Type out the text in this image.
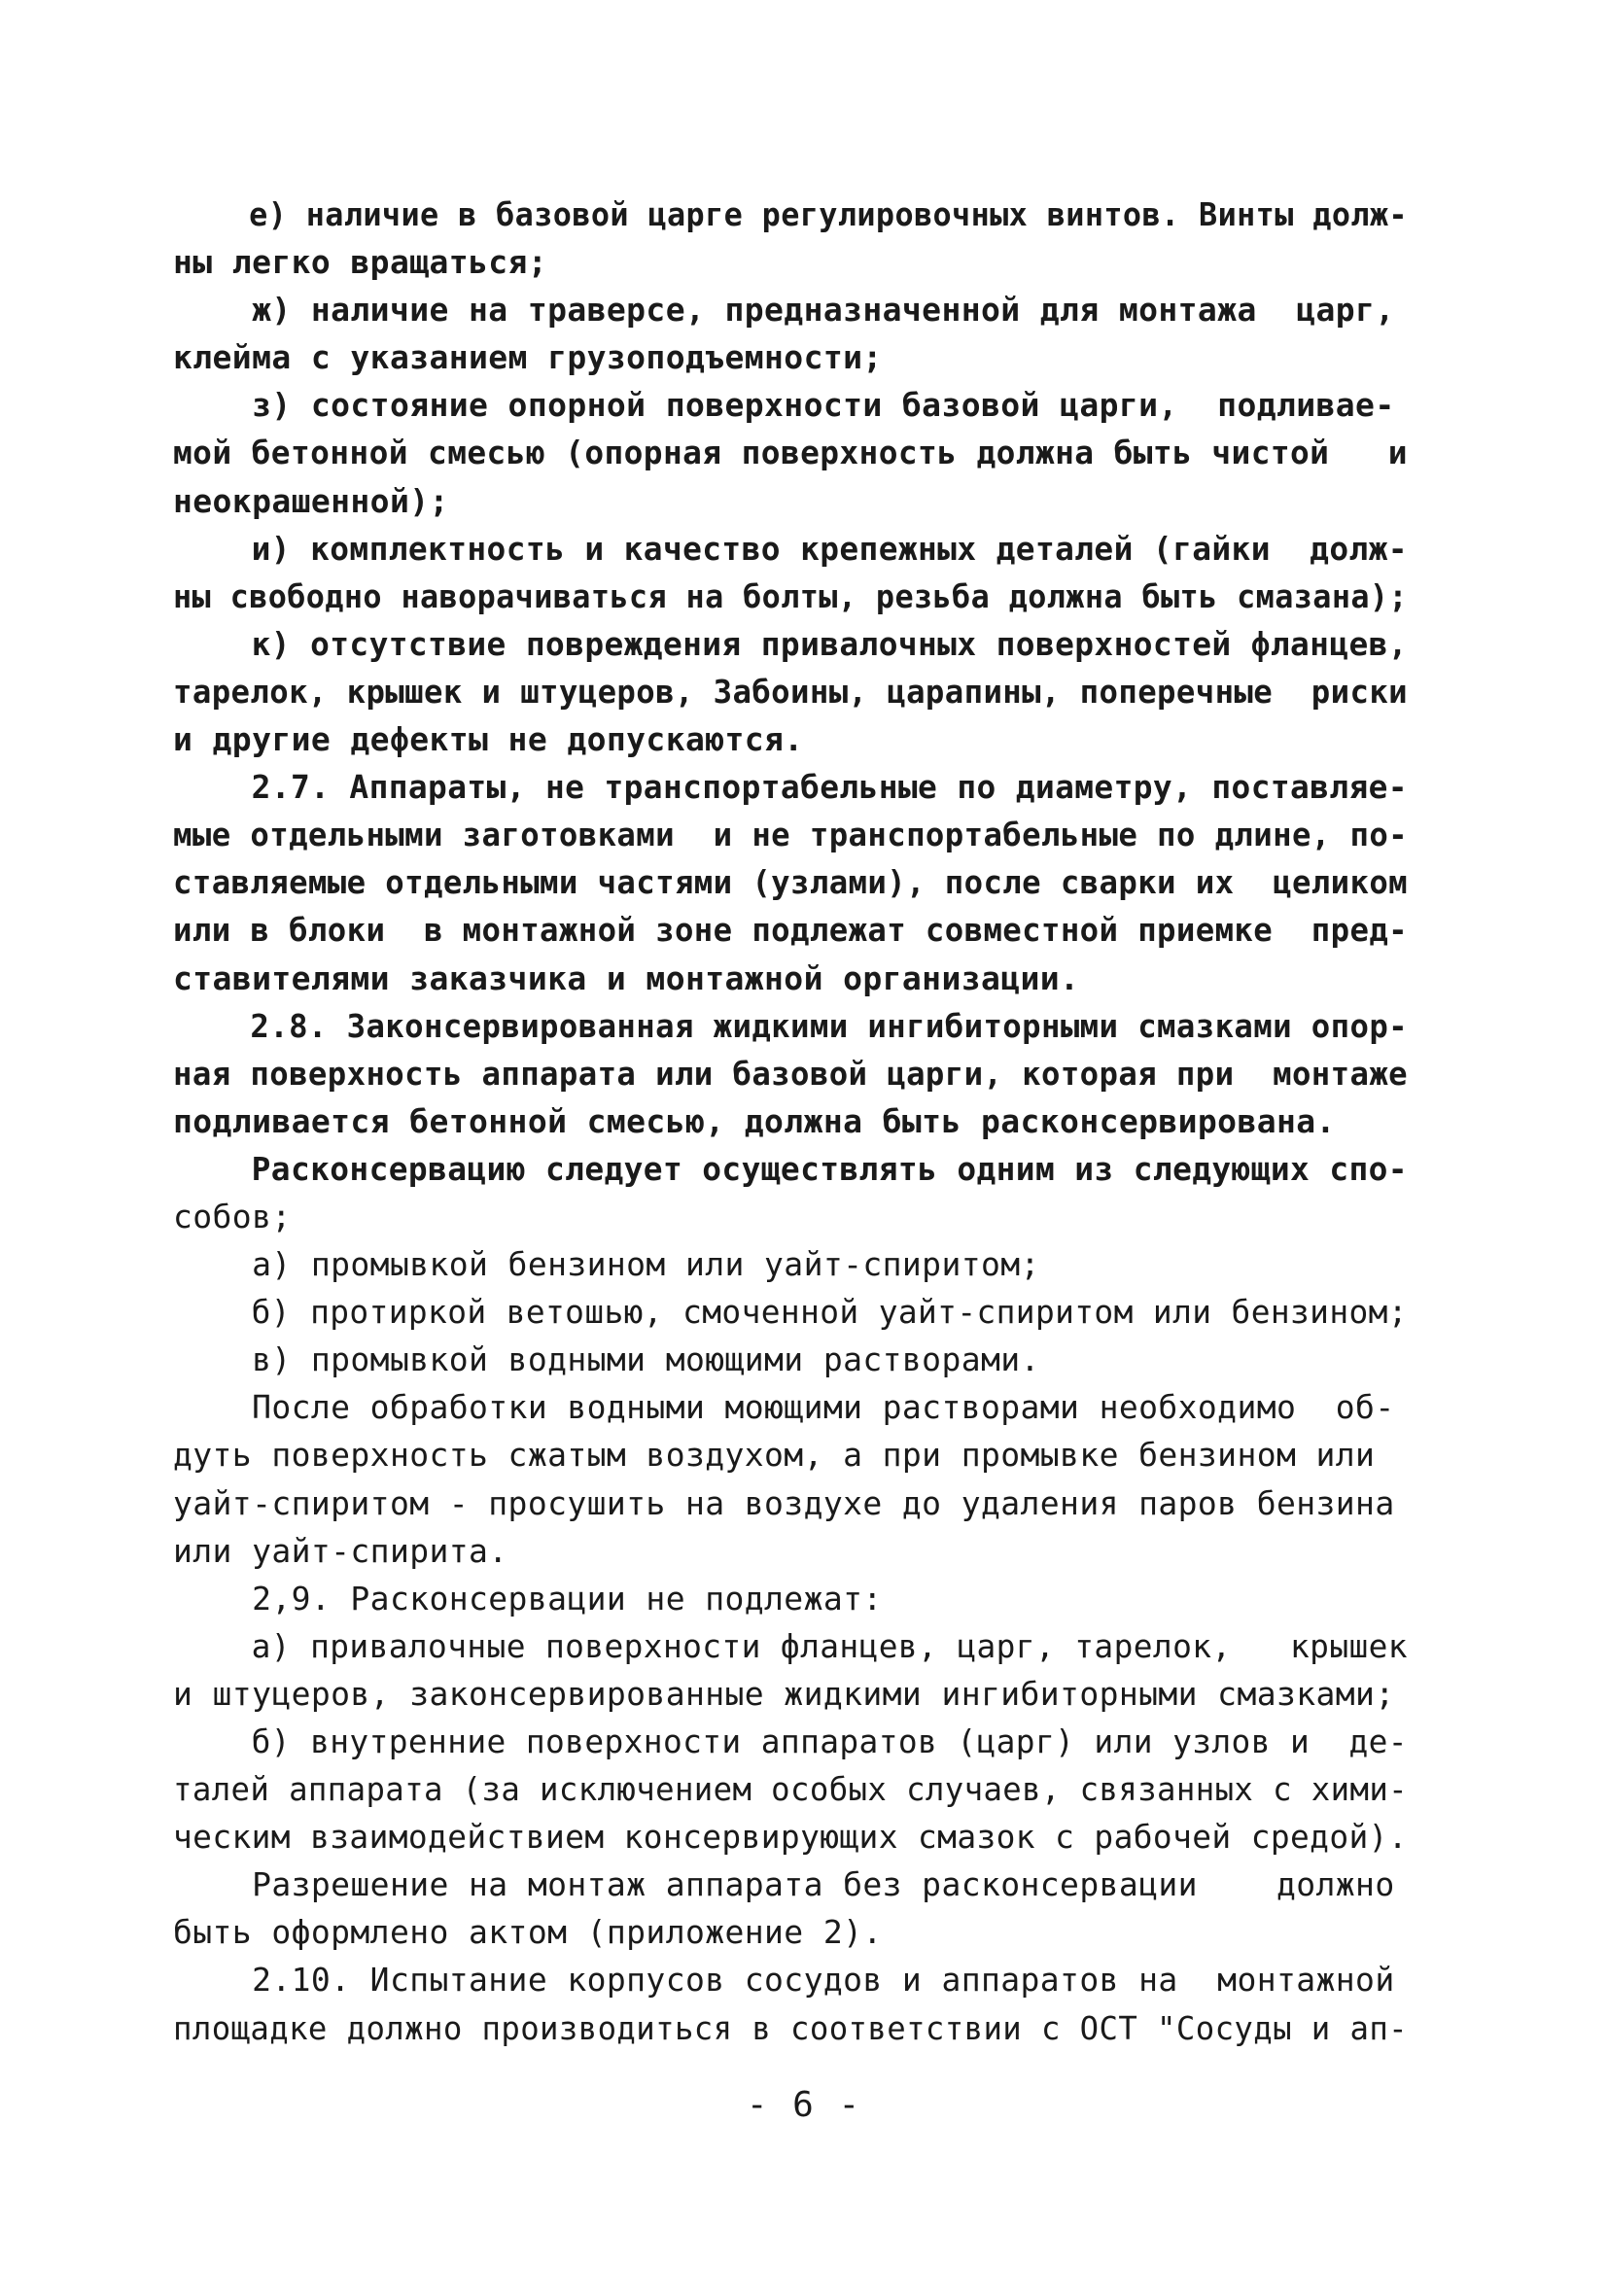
е) наличие в базовой царге регулировочных винтов. Винты долж-
ны легко вращаться;
ж) наличие на траверсе, предназначенной для монтажа  царг,
клейма с указанием грузоподъемности;
з) состояние опорной поверхности базовой царги,  подливае-
мой бетонной смесью (опорная поверхность должна быть чистой   и
неокрашенной);
и) комплектность и качество крепежных деталей (гайки  долж-
ны свободно наворачиваться на болты, резьба должна быть смазана);
к) отсутствие повреждения привалочных поверхностей фланцев,
тарелок, крышек и штуцеров, Забоины, царапины, поперечные  риски
и другие дефекты не допускаются.
2.7. Аппараты, не транспортабельные по диаметру, поставляе-
мые отдельными заготовками  и не транспортабельные по длине, по-
ставляемые отдельными частями (узлами), после сварки их  целиком
или в блоки  в монтажной зоне подлежат совместной приемке  пред-
ставителями заказчика и монтажной организации.
2.8. Законсервированная жидкими ингибиторными смазками опор-
ная поверхность аппарата или базовой царги, которая при  монтаже
подливается бетонной смесью, должна быть расконсервирована.
Расконсервацию следует осуществлять одним из следующих спо-
собов;
а) промывкой бензином или уайт-спиритом;
б) протиркой ветошью, смоченной уайт-спиритом или бензином;
в) промывкой водными моющими растворами.
После обработки водными моющими растворами необходимо  об-
дуть поверхность сжатым воздухом, а при промывке бензином или
уайт-спиритом - просушить на воздухе до удаления паров бензина
или уайт-спирита.
2,9. Расконсервации не подлежат:
а) привалочные поверхности фланцев, царг, тарелок,   крышек
и штуцеров, законсервированные жидкими ингибиторными смазками;
б) внутренние поверхности аппаратов (царг) или узлов и  де-
талей аппарата (за исключением особых случаев, связанных с хими-
ческим взаимодействием консервирующих смазок с рабочей средой).
Разрешение на монтаж аппарата без расконсервации    должно
быть оформлено актом (приложение 2).
2.10. Испытание корпусов сосудов и аппаратов на  монтажной
площадке должно производиться в соответствии с ОСТ "Сосуды и ап-
- 6 -
